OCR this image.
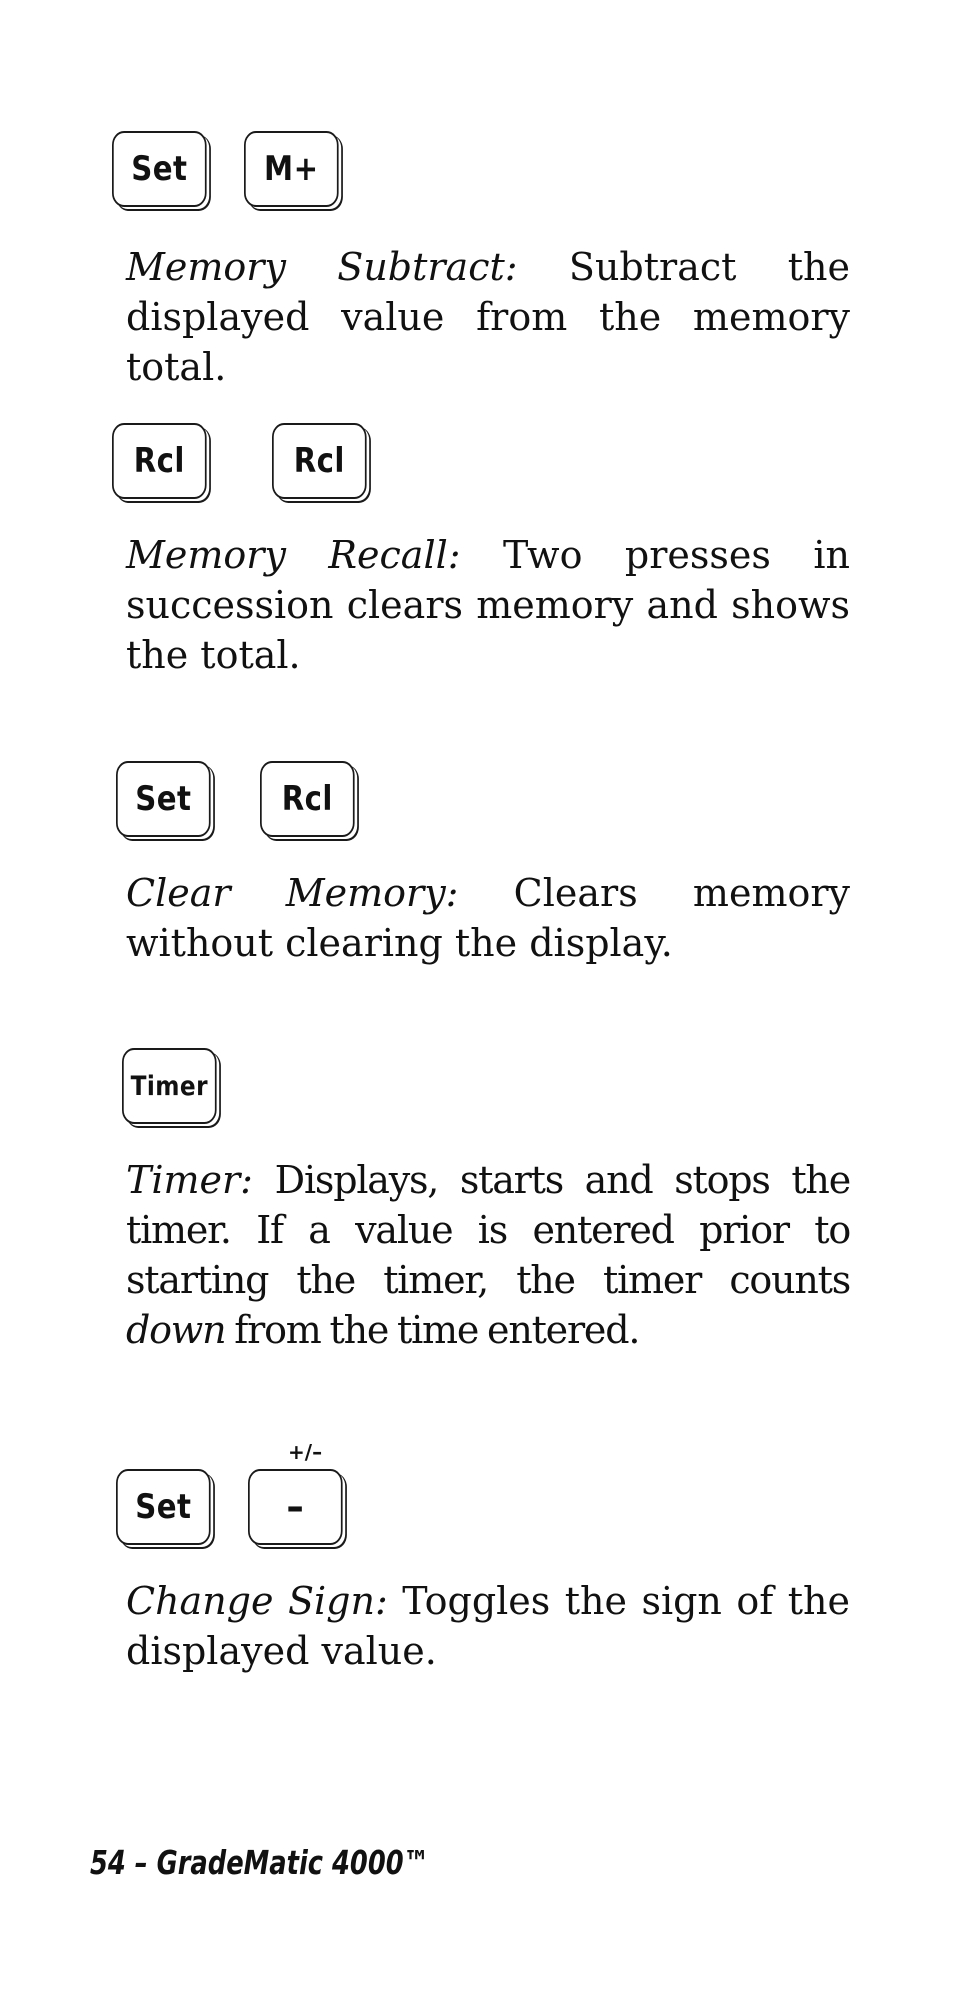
Set	M+

Memory Subtract: Subtract the displayed value from the memory total.

Rcl	Rcl

Memory Recall: Two presses in succession clears memory and shows the total.

Set	Rcl

Clear Memory: Clears memory without clearing the display.

Timer

Timer: Displays, starts and stops the timer. If a value is entered prior to starting the timer, the timer counts down from the time entered.

+/–
Set	–

Change Sign: Toggles the sign of the displayed value.

54 – GradeMatic 4000™
